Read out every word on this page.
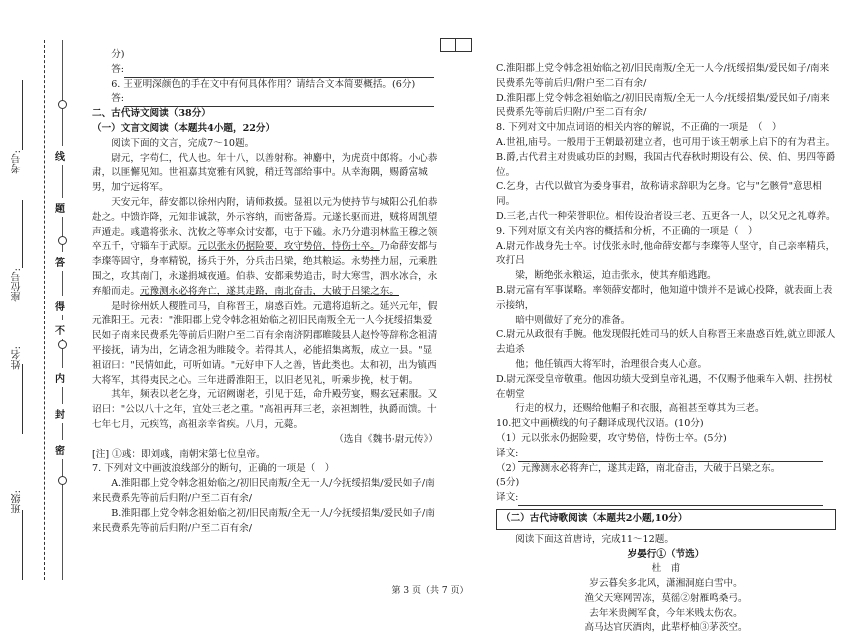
考号:
座位号:
姓名:
班级:
线
题
答
得
不
内
封
密

分)

答:

6. 王亚明深颜色的手在文中有何具体作用？请结合文本简要概括。(6分)

答:

二、古代诗文阅读（38分）

（一）文言文阅读（本题共4小题，22分）

阅读下面的文言，完成7～10题。

尉元，字苟仁，代人也。年十八，以善射称。神麝中，为虎贲中郎将。小心恭肃，以匪懈见知。世祖嘉其宽雅有风貌，稍迁驾部给事中。从幸海隅，赐爵富城男，加宁远将军。

天安元年，薛安都以徐州内附，请师救援。显祖以元为使持节与城阳公孔伯恭赴之。中馈诈降，元知非诚款，外示容纳，而密备焉。元遂长驱而进，贼将周凯望声遁走。彧遣将张永、沈攸之等率众讨安都，屯于下磕。永乃分遣羽林监王穆之领卒五千，守辎车于武原。元以张永仍据险要，攻守势倍，恃伤士卒。乃命薛安都与李璨等固守，身率精锐，扬兵于外，分兵击吕梁，绝其粮运。永势挫力屈，元乘胜围之，攻其南门，永遂捐城夜遁。伯恭、安都乘势追击，时大寒雪，泗水冰合，永弃船而走。元豫测永必将奔亡，遂其走路，南北奋击，大破于吕梁之东。

是时徐州妖人稷胜司马，自称晋王，扇惑百姓。元遣将追斩之。延兴元年，假元淮阳王。元表："淮阳郡上党令韩念祖始临之初旧民南叛全无一人今抚绥招集爱民如子南来民费系先等前后归附户至二百有余南济阴郡睢陵县人赵怜等辞称念祖清平接抚，请为出，乞请念祖为睢陵令。若得其人，必能招集离叛，成立一县。"显祖诏曰："民情如此，可听如请。"元好申下人之善，皆此类也。太和初，出为镇西大将军，其得夷民之心。三年进爵淮阳王，以旧老见礼，听乘步挽，杖于朝。

其年，频表以老乞身，元诏阙谢老，引见于廷，命升殿劳宴，赐玄冠素服。又诏曰："公以八十之年，宜处三老之重。"高祖再拜三老，亲袒割牲，执爵而馈。十七年七月，元疾笃，高祖亲幸省疾。八月，元薨。

（选自《魏书·尉元传》）

[注] ①彧：即刘彧，南朝宋第七位皇帝。

7. 下列对文中画波浪线部分的断句，正确的一项是（　）

A.淮阳郡上党令韩念祖始临之/初旧民南叛/全无一人/今抚绥招集/爱民如子/南来民费系先等前后归附/户至二百有余/

B.淮阳郡上党令韩念祖始临之初/旧民南叛/全无一人/今抚绥招集/爱民如子/南来民费系先等前后归附/户至二百有余/

C.淮阳郡上党令韩念祖始临之初/旧民南叛/全无一人今/抚绥招集/爱民如子/南来民费系先等前后归/附户至二百有余/

D.淮阳郡上党令韩念祖始临之/初旧民南叛/全无一人今/抚绥招集/爱民如子/南来民费系先等前后归附/户至二百有余/

8. 下列对文中加点词语的相关内容的解说，不正确的一项是　（　）

A.世祖,庙号。一般用于王朝最初建立者，也可用于该王朝承上启下的有为君主。

B.爵,古代君主对贵戚功臣的封赐，我国古代春秋时期设有公、侯、伯、男四等爵位。

C.乞身，古代以做官为委身事君，故称请求辞职为乞身。它与"乞骸骨"意思相同。

D.三老,古代一种荣誉职位。相传设治者设三老、五更各一人，以父兄之礼尊养。

9. 下列对原文有关内容的概括和分析，不正确的一项是（　）

A.尉元作战身先士卒。讨伐张永时,他命薛安都与李璨等人坚守，自己亲率精兵，攻打吕

梁，断绝张永粮运，迫击张永，使其弃船逃跑。

B.尉元富有军事谋略。率领薛安都时，他知道中馈并不是诚心投降，就表面上表示接纳，

暗中则做好了充分的准备。

C.尉元从政很有手腕。他发现假托姓司马的妖人自称晋王来蛊惑百姓,就立即派人去追杀

他；他任镇西大将军时，治理很合夷人心意。

D.尉元深受皇帝敬重。他因功绩大受到皇帝礼遇，不仅赐予他乘车入朝、拄拐杖在朝堂

行走的权力，还赐给他帽子和衣服，高祖甚至尊其为三老。

10.把文中画横线的句子翻译成现代汉语。(10分)

（1）元以张永仍据险要，攻守势倍，恃伤士卒。(5分)

译文:

（2）元豫测永必将奔亡，遂其走路，南北奋击，大破于吕梁之东。

(5分)

译文:

（二）古代诗歌阅读（本题共2小题,10分）

阅读下面这首唐诗，完成11～12题。

岁晏行①（节选）

杜　甫

岁云暮矣多北风，潇湘洞庭白雪中。

渔父天寒网罟冻，莫徭②射雁鸣桑弓。

去年米贵阙军食，今年米贱太伤农。

高马达官厌酒肉，此辈杼柚③茅茨空。

第 3 页（共 7 页）
